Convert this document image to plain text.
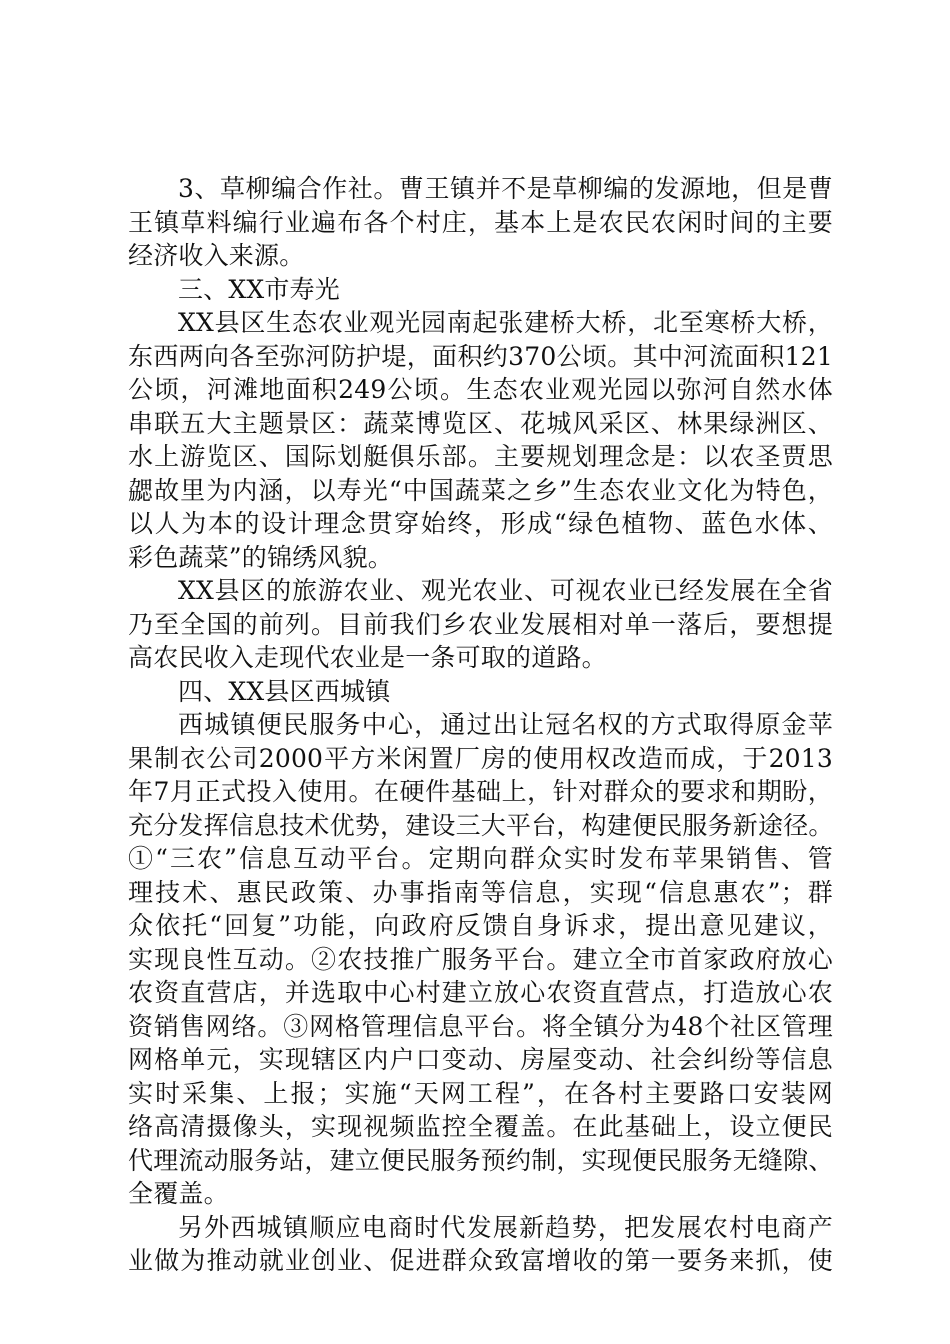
3、草柳编合作社。曹王镇并不是草柳编的发源地，但是曹
王镇草料编行业遍布各个村庄，基本上是农民农闲时间的主要
经济收入来源。
三、XX市寿光
XX县区生态农业观光园南起张建桥大桥，北至寒桥大桥，
东西两向各至弥河防护堤，面积约370公顷。其中河流面积121
公顷，河滩地面积249公顷。生态农业观光园以弥河自然水体
串联五大主题景区：蔬菜博览区、花城风采区、林果绿洲区、
水上游览区、国际划艇俱乐部。主要规划理念是：以农圣贾思
勰故里为内涵，以寿光“中国蔬菜之乡”生态农业文化为特色，
以人为本的设计理念贯穿始终，形成“绿色植物、蓝色水体、
彩色蔬菜”的锦绣风貌。
XX县区的旅游农业、观光农业、可视农业已经发展在全省
乃至全国的前列。目前我们乡农业发展相对单一落后，要想提
高农民收入走现代农业是一条可取的道路。
四、XX县区西城镇
西城镇便民服务中心，通过出让冠名权的方式取得原金苹
果制衣公司2000平方米闲置厂房的使用权改造而成，于2013
年7月正式投入使用。在硬件基础上，针对群众的要求和期盼，
充分发挥信息技术优势，建设三大平台，构建便民服务新途径。
①“三农”信息互动平台。定期向群众实时发布苹果销售、管
理技术、惠民政策、办事指南等信息，实现“信息惠农”；群
众依托“回复”功能，向政府反馈自身诉求，提出意见建议，
实现良性互动。②农技推广服务平台。建立全市首家政府放心
农资直营店，并选取中心村建立放心农资直营点，打造放心农
资销售网络。③网格管理信息平台。将全镇分为48个社区管理
网格单元，实现辖区内户口变动、房屋变动、社会纠纷等信息
实时采集、上报；实施“天网工程”，在各村主要路口安装网
络高清摄像头，实现视频监控全覆盖。在此基础上，设立便民
代理流动服务站，建立便民服务预约制，实现便民服务无缝隙、
全覆盖。
另外西城镇顺应电商时代发展新趋势，把发展农村电商产
业做为推动就业创业、促进群众致富增收的第一要务来抓，使
